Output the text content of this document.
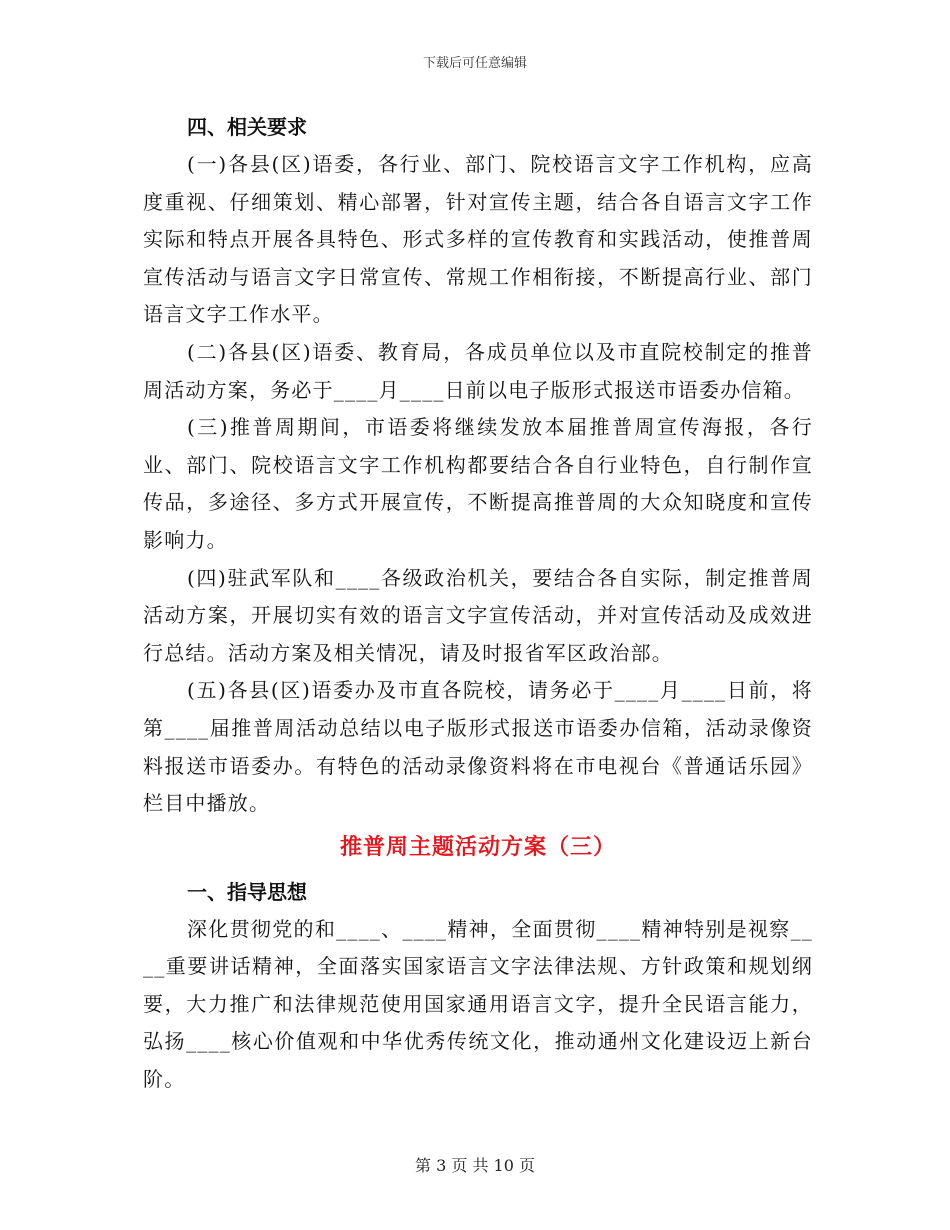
下载后可任意编辑
四、相关要求

(一)各县(区)语委，各行业、部门、院校语言文字工作机构，应高度重视、仔细策划、精心部署，针对宣传主题，结合各自语言文字工作实际和特点开展各具特色、形式多样的宣传教育和实践活动，使推普周宣传活动与语言文字日常宣传、常规工作相衔接，不断提高行业、部门语言文字工作水平。

(二)各县(区)语委、教育局，各成员单位以及市直院校制定的推普周活动方案，务必于____月____日前以电子版形式报送市语委办信箱。

(三)推普周期间，市语委将继续发放本届推普周宣传海报，各行业、部门、院校语言文字工作机构都要结合各自行业特色，自行制作宣传品，多途径、多方式开展宣传，不断提高推普周的大众知晓度和宣传影响力。

(四)驻武军队和____各级政治机关，要结合各自实际，制定推普周活动方案，开展切实有效的语言文字宣传活动，并对宣传活动及成效进行总结。活动方案及相关情况，请及时报省军区政治部。

(五)各县(区)语委办及市直各院校，请务必于____月____日前，将第____届推普周活动总结以电子版形式报送市语委办信箱，活动录像资料报送市语委办。有特色的活动录像资料将在市电视台《普通话乐园》栏目中播放。

推普周主题活动方案（三）
一、指导思想

深化贯彻党的和____、____精神，全面贯彻____精神特别是视察____重要讲话精神，全面落实国家语言文字法律法规、方针政策和规划纲要，大力推广和法律规范使用国家通用语言文字，提升全民语言能力，弘扬____核心价值观和中华优秀传统文化，推动通州文化建设迈上新台阶。

第 3 页 共 10 页
